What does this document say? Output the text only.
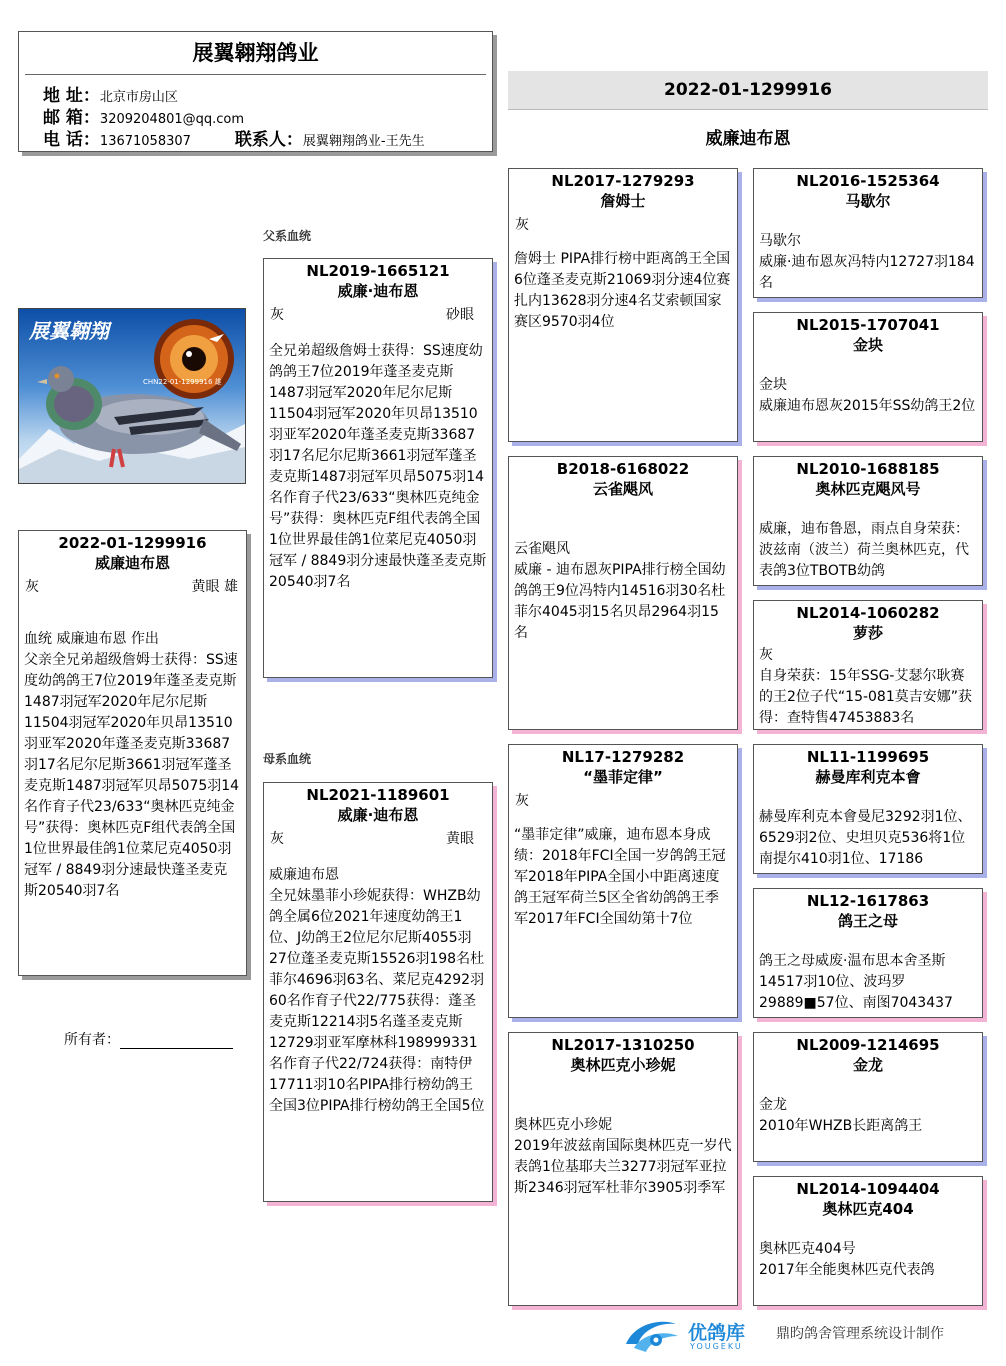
展翼翱翔鸽业
地 址：北京市房山区
邮 箱：3209204801@qq.com
电 话：13671058307	联系人：展翼翱翔鸽业-王先生
2022-01-1299916
威廉迪布恩
父系血统
母系血统
展翼翱翔
CHN22-01-1299916 雄
2022-01-1299916
威廉迪布恩
灰	黄眼 雄
血统 威廉迪布恩 作出
父亲全兄弟超级詹姆士获得：SS速度幼鸽鸽王7位2019年蓬圣麦克斯1487羽冠军2020年尼尔尼斯11504羽冠军2020年贝昂13510羽亚军2020年蓬圣麦克斯33687羽17名尼尔尼斯3661羽冠军蓬圣麦克斯1487羽冠军贝昂5075羽14名作育子代23/633“奥林匹克纯金号”获得：奥林匹克F组代表鸽全国1位世界最佳鸽1位菜尼克4050羽冠军 / 8849羽分速最快蓬圣麦克斯20540羽7名
所有者：
NL2019-1665121
威廉·迪布恩
灰	砂眼
全兄弟超级詹姆士获得：SS速度幼鸽鸽王7位2019年蓬圣麦克斯1487羽冠军2020年尼尔尼斯11504羽冠军2020年贝昂13510羽亚军2020年蓬圣麦克斯33687羽17名尼尔尼斯3661羽冠军蓬圣麦克斯1487羽冠军贝昂5075羽14名作育子代23/633“奥林匹克纯金号”获得：奥林匹克F组代表鸽全国1位世界最佳鸽1位菜尼克4050羽冠军 / 8849羽分速最快蓬圣麦克斯20540羽7名
NL2021-1189601
威廉·迪布恩
灰	黄眼
威廉迪布恩
全兄妹墨菲小珍妮获得：WHZB幼鸽全属6位2021年速度幼鸽王1位、J幼鸽王2位尼尔尼斯4055羽27位蓬圣麦克斯15526羽198名杜菲尔4696羽63名、菜尼克4292羽60名作育子代22/775获得：蓬圣麦克斯12214羽5名蓬圣麦克斯12729羽亚军摩林科198999331名作育子代22/724获得：南特伊17711羽10名PIPA排行榜幼鸽王全国3位PIPA排行榜幼鸽王全国5位
NL2017-1279293
詹姆士
灰
詹姆士 PIPA排行榜中距离鸽王全国6位蓬圣麦克斯21069羽分速4位赛扎内13628羽分速4名艾索顿国家赛区9570羽4位
B2018-6168022
云雀飓风
云雀飓风
威廉 - 迪布恩灰PIPA排行榜全国幼鸽鸽王9位冯特内14516羽30名杜菲尔4045羽15名贝昂2964羽15名
NL17-1279282
“墨菲定律”
灰
“墨菲定律”威廉，迪布恩本身成绩：2018年FCI全国一岁鸽鸽王冠军2018年PIPA全国小中距离速度鸽王冠军荷兰5区全省幼鸽鸽王季军2017年FCI全国幼第十7位
NL2017-1310250
奥林匹克小珍妮
奥林匹克小珍妮
2019年波兹南国际奥林匹克一岁代表鸽1位基耶夫兰3277羽冠军亚拉斯2346羽冠军杜菲尔3905羽季军
NL2016-1525364
马歇尔
马歇尔
威廉·迪布恩灰冯特内12727羽184名
NL2015-1707041
金块
金块
威廉迪布恩灰2015年SS幼鸽王2位
NL2010-1688185
奥林匹克飓风号
威廉，迪布鲁恩，雨点自身荣获：波兹南（波兰）荷兰奥林匹克，代表鸽3位TBOTB幼鸽
NL2014-1060282
萝莎
灰
自身荣获：15年SSG-艾瑟尔耿赛的王2位子代“15-081莫吉安娜”获得：查特售47453883名
NL11-1199695
赫曼库利克本會
赫曼库利克本會曼尼3292羽1位、6529羽2位、史坦贝克536将1位南提尔410羽1位、17186
NL12-1617863
鸽王之母
鸽王之母威废·温布思本舍圣斯14517羽10位、波玛罗29889■57位、南图7043437
NL2009-1214695
金龙
金龙
2010年WHZB长距离鸽王
NL2014-1094404
奥林匹克404
奥林匹克404号
2017年全能奥林匹克代表鸽
优鸽库
YOUGEKU
鼎昀鸽舍管理系统设计制作
